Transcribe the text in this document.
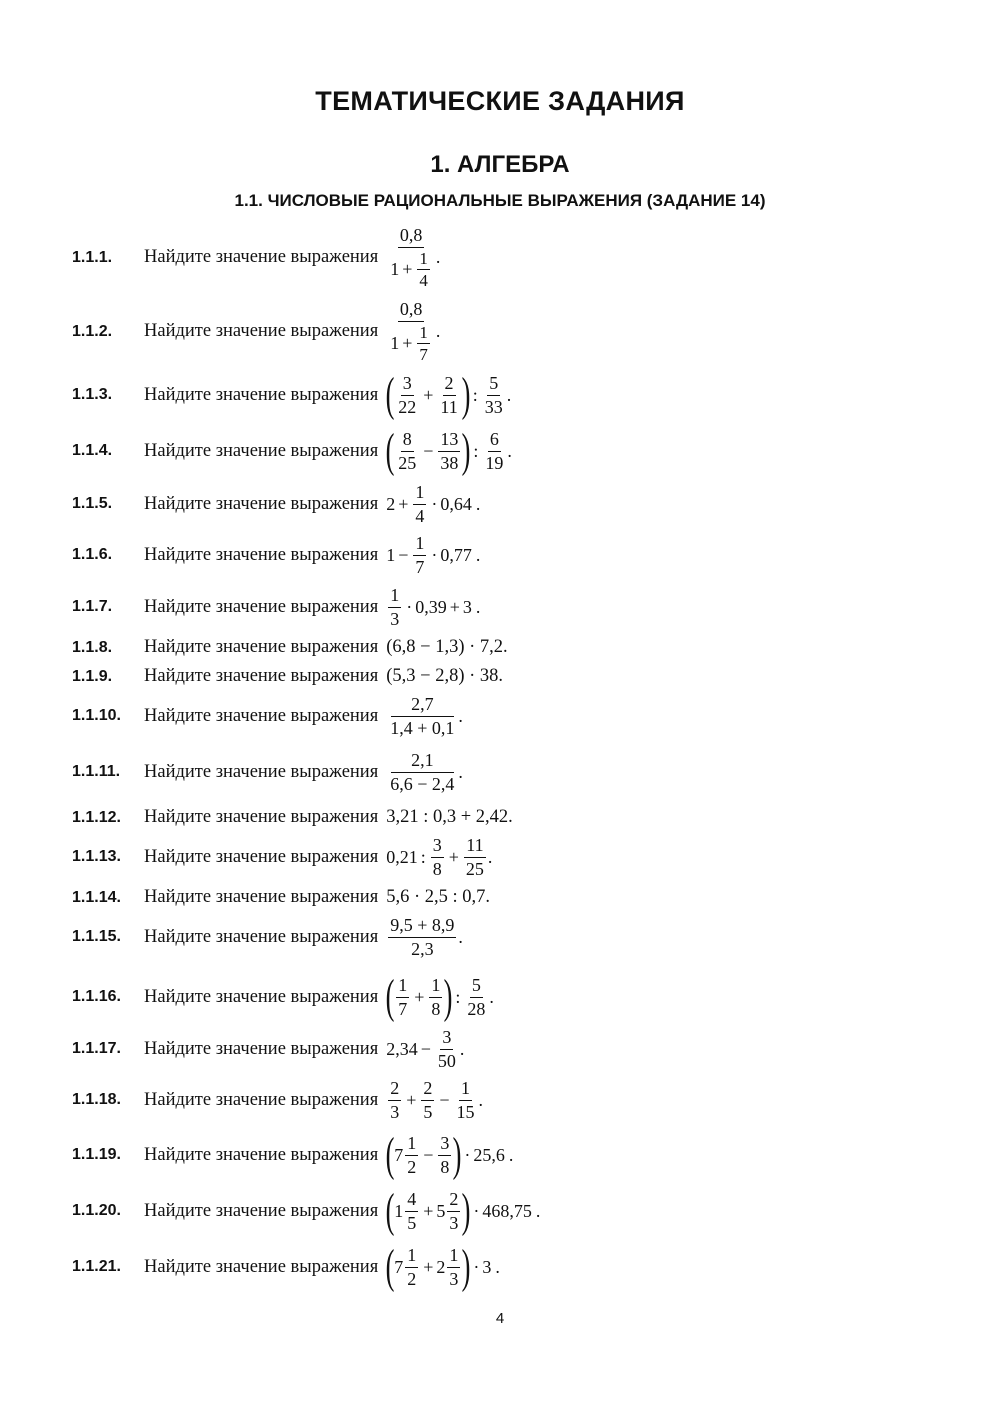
ТЕМАТИЧЕСКИЕ ЗАДАНИЯ
1. АЛГЕБРА
1.1. ЧИСЛОВЫЕ РАЦИОНАЛЬНЫЕ ВЫРАЖЕНИЯ (ЗАДАНИЕ 14)
1.1.1.	Найдите значение выражения $\frac{0,8}{1 + \frac{1}{4}}$ .
1.1.2.	Найдите значение выражения $\frac{0,8}{1 + \frac{1}{7}}$ .
1.1.3.	Найдите значение выражения ( $\frac{3}{22} + \frac{2}{11}$ ) : $\frac{5}{33}$ .
1.1.4.	Найдите значение выражения ( $\frac{8}{25} - \frac{13}{38}$ ) : $\frac{6}{19}$ .
1.1.5.	Найдите значение выражения $2 + \frac{1}{4} \cdot 0,64$ .
1.1.6.	Найдите значение выражения $1 - \frac{1}{7} \cdot 0,77$ .
1.1.7.	Найдите значение выражения $\frac{1}{3} \cdot 0,39 + 3$ .
1.1.8.	Найдите значение выражения (6,8 − 1,3) · 7,2.
1.1.9.	Найдите значение выражения (5,3 − 2,8) · 38.
1.1.10.	Найдите значение выражения $\frac{2,7}{1,4 + 0,1}$ .
1.1.11.	Найдите значение выражения $\frac{2,1}{6,6 - 2,4}$ .
1.1.12.	Найдите значение выражения 3,21 : 0,3 + 2,42.
1.1.13.	Найдите значение выражения 0,21 : $\frac{3}{8} + \frac{11}{25}$ .
1.1.14.	Найдите значение выражения 5,6 · 2,5 : 0,7.
1.1.15.	Найдите значение выражения $\frac{9,5 + 8,9}{2,3}$ .
1.1.16.	Найдите значение выражения ( $\frac{1}{7} + \frac{1}{8}$ ) : $\frac{5}{28}$ .
1.1.17.	Найдите значение выражения $2,34 - \frac{3}{50}$ .
1.1.18.	Найдите значение выражения $\frac{2}{3} + \frac{2}{5} - \frac{1}{15}$ .
1.1.19.	Найдите значение выражения ( $7 \frac{1}{2} - \frac{3}{8}$ ) · 25,6 .
1.1.20.	Найдите значение выражения ( $1 \frac{4}{5} + 5 \frac{2}{3}$ ) · 468,75 .
1.1.21.	Найдите значение выражения ( $7 \frac{1}{2} + 2 \frac{1}{3}$ ) · 3 .
4
